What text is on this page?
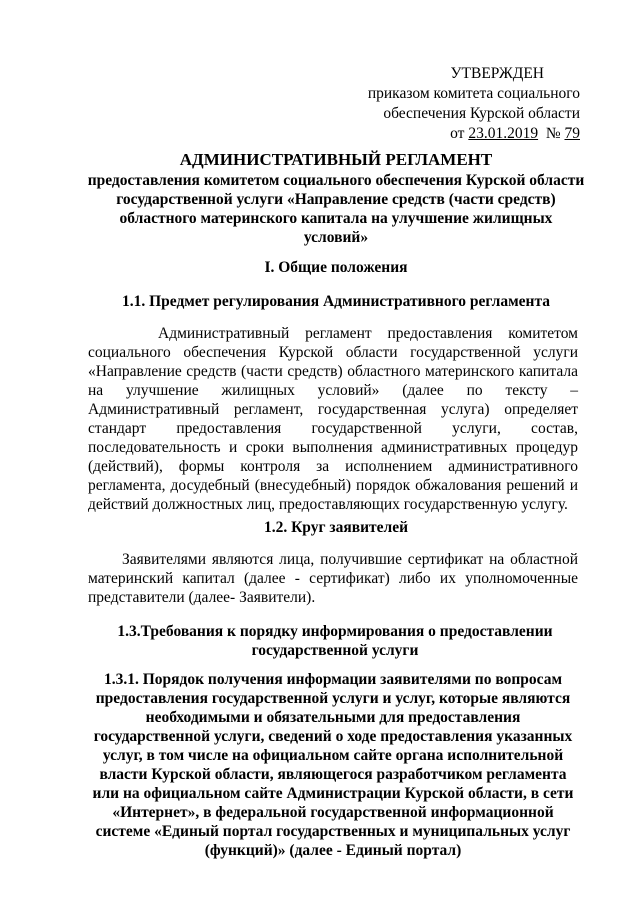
УТВЕРЖДЕН
приказом комитета социального
обеспечения Курской области
от 23.01.2019 № 79
АДМИНИСТРАТИВНЫЙ РЕГЛАМЕНТ
предоставления комитетом социального обеспечения Курской области государственной услуги «Направление средств (части средств) областного материнского капитала на улучшение жилищных условий»
I. Общие положения
1.1. Предмет регулирования Административного регламента
Административный регламент предоставления комитетом социального обеспечения Курской области государственной услуги «Направление средств (части средств) областного материнского капитала на улучшение жилищных условий» (далее по тексту – Административный регламент, государственная услуга) определяет стандарт предоставления государственной услуги, состав, последовательность и сроки выполнения административных процедур (действий), формы контроля за исполнением административного регламента, досудебный (внесудебный) порядок обжалования решений и действий должностных лиц, предоставляющих государственную услугу.
1.2. Круг заявителей
Заявителями являются лица, получившие сертификат на областной материнский капитал (далее - сертификат) либо их уполномоченные представители (далее- Заявители).
1.3.Требования к порядку информирования о предоставлении государственной услуги
1.3.1. Порядок получения информации заявителями по вопросам предоставления государственной услуги и услуг, которые являются необходимыми и обязательными для предоставления государственной услуги, сведений о ходе предоставления указанных услуг, в том числе на официальном сайте органа исполнительной власти Курской области, являющегося разработчиком регламента или на официальном сайте Администрации Курской области, в сети «Интернет», в федеральной государственной информационной системе «Единый портал государственных и муниципальных услуг (функций)» (далее - Единый портал)
